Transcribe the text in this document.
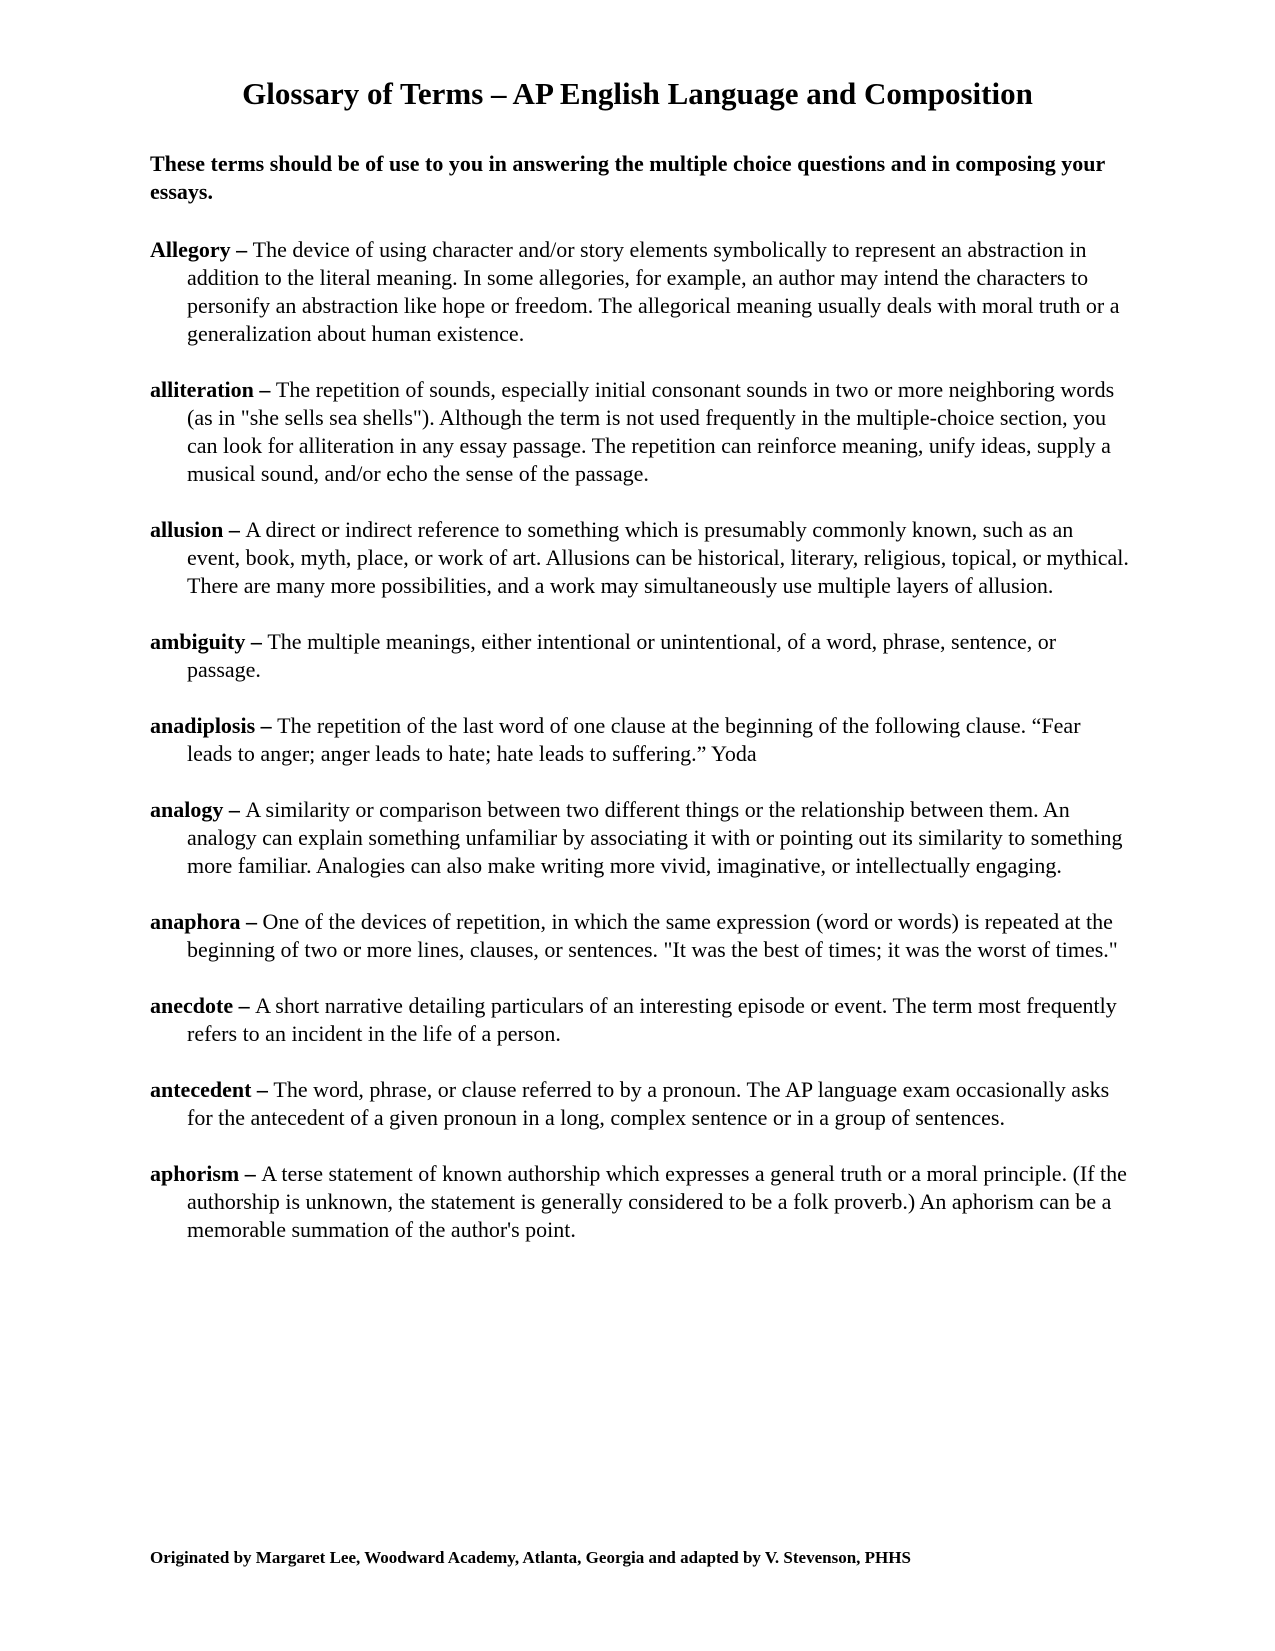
Glossary of Terms – AP English Language and Composition

These terms should be of use to you in answering the multiple choice questions and in composing your essays.

Allegory – The device of using character and/or story elements symbolically to represent an abstraction in addition to the literal meaning. In some allegories, for example, an author may intend the characters to personify an abstraction like hope or freedom. The allegorical meaning usually deals with moral truth or a generalization about human existence.

alliteration – The repetition of sounds, especially initial consonant sounds in two or more neighboring words (as in "she sells sea shells"). Although the term is not used frequently in the multiple-choice section, you can look for alliteration in any essay passage. The repetition can reinforce meaning, unify ideas, supply a musical sound, and/or echo the sense of the passage.

allusion – A direct or indirect reference to something which is presumably commonly known, such as an event, book, myth, place, or work of art. Allusions can be historical, literary, religious, topical, or mythical. There are many more possibilities, and a work may simultaneously use multiple layers of allusion.

ambiguity – The multiple meanings, either intentional or unintentional, of a word, phrase, sentence, or passage.

anadiplosis – The repetition of the last word of one clause at the beginning of the following clause. “Fear leads to anger; anger leads to hate; hate leads to suffering.” Yoda

analogy – A similarity or comparison between two different things or the relationship between them. An analogy can explain something unfamiliar by associating it with or pointing out its similarity to something more familiar. Analogies can also make writing more vivid, imaginative, or intellectually engaging.

anaphora – One of the devices of repetition, in which the same expression (word or words) is repeated at the beginning of two or more lines, clauses, or sentences. "It was the best of times; it was the worst of times."

anecdote – A short narrative detailing particulars of an interesting episode or event. The term most frequently refers to an incident in the life of a person.

antecedent – The word, phrase, or clause referred to by a pronoun. The AP language exam occasionally asks for the antecedent of a given pronoun in a long, complex sentence or in a group of sentences.

aphorism – A terse statement of known authorship which expresses a general truth or a moral principle. (If the authorship is unknown, the statement is generally considered to be a folk proverb.) An aphorism can be a memorable summation of the author's point.

Originated by Margaret Lee, Woodward Academy, Atlanta, Georgia and adapted by V. Stevenson, PHHS
